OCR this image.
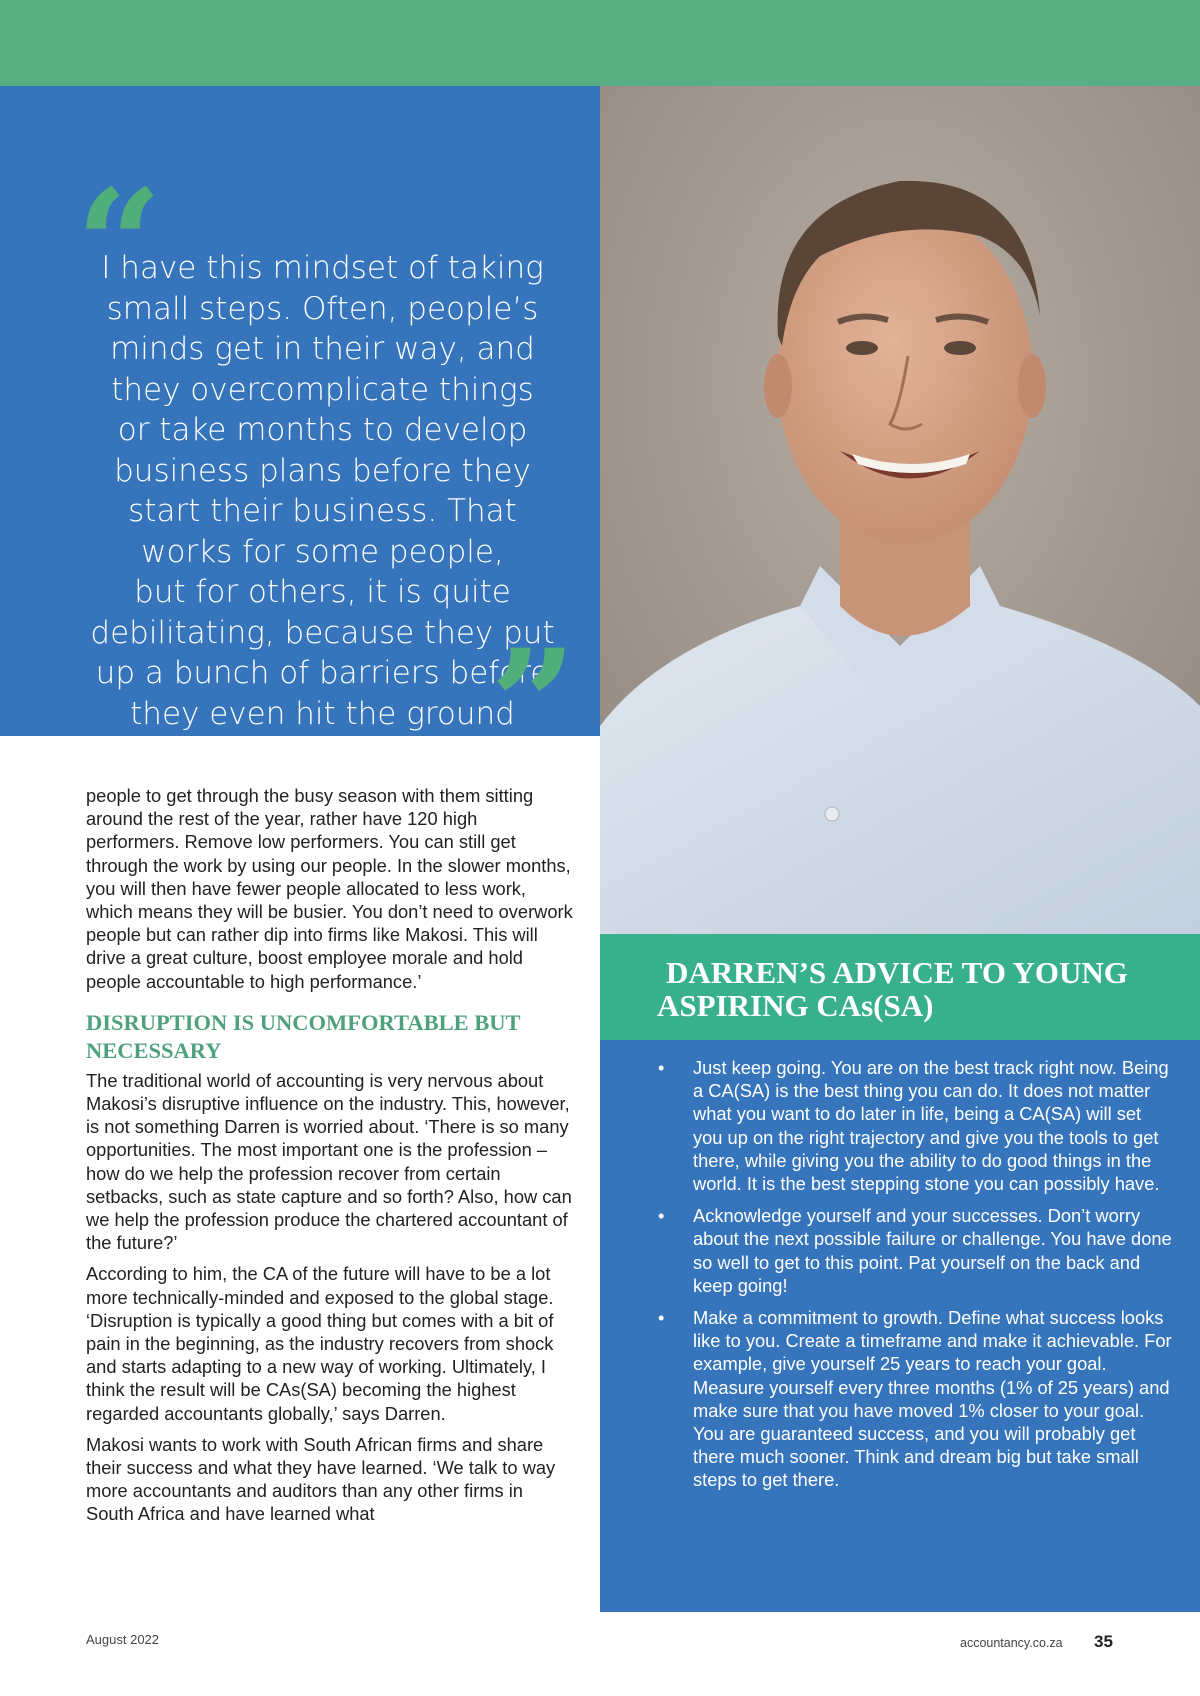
“
I have this mindset of taking
small steps. Often, people’s
minds get in their way, and
they overcomplicate things
or take months to develop
business plans before they
start their business. That
works for some people,
but for others, it is quite
debilitating, because they put
up a bunch of barriers before
they even hit the ground
”
DARREN’S ADVICE TO YOUNG
ASPIRING CAs(SA)
• Just keep going. You are on the best track right now. Being a CA(SA) is the best thing you can do. It does not matter what you want to do later in life, being a CA(SA) will set you up on the right trajectory and give you the tools to get there, while giving you the ability to do good things in the world. It is the best stepping stone you can possibly have.
• Acknowledge yourself and your successes. Don’t worry about the next possible failure or challenge. You have done so well to get to this point. Pat yourself on the back and keep going!
• Make a commitment to growth. Define what success looks like to you. Create a timeframe and make it achievable. For example, give yourself 25 years to reach your goal. Measure yourself every three months (1% of 25 years) and make sure that you have moved 1% closer to your goal. You are guaranteed success, and you will probably get there much sooner. Think and dream big but take small steps to get there.

people to get through the busy season with them sitting around the rest of the year, rather have 120 high performers. Remove low performers. You can still get through the work by using our people. In the slower months, you will then have fewer people allocated to less work, which means they will be busier. You don’t need to overwork people but can rather dip into firms like Makosi. This will drive a great culture, boost employee morale and hold people accountable to high performance.’

DISRUPTION IS UNCOMFORTABLE BUT NECESSARY

The traditional world of accounting is very nervous about Makosi’s disruptive influence on the industry. This, however, is not something Darren is worried about. ‘There is so many opportunities. The most important one is the profession – how do we help the profession recover from certain setbacks, such as state capture and so forth? Also, how can we help the profession produce the chartered accountant of the future?’

According to him, the CA of the future will have to be a lot more technically-minded and exposed to the global stage. ‘Disruption is typically a good thing but comes with a bit of pain in the beginning, as the industry recovers from shock and starts adapting to a new way of working. Ultimately, I think the result will be CAs(SA) becoming the highest regarded accountants globally,’ says Darren.

Makosi wants to work with South African firms and share their success and what they have learned. ‘We talk to way more accountants and auditors than any other firms in South Africa and have learned what

August 2022	accountancy.co.za 35
